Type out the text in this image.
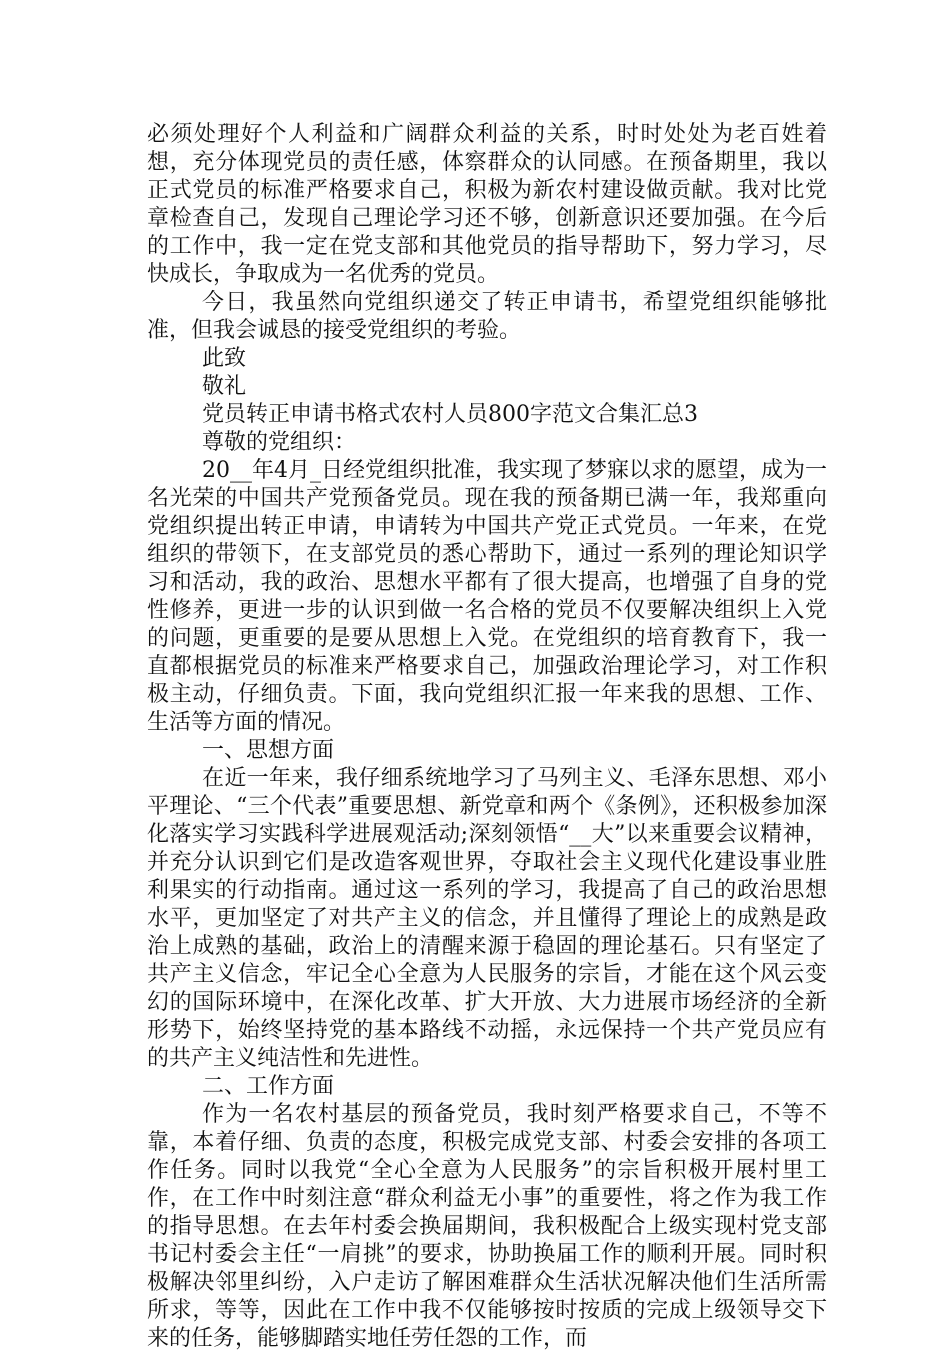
必须处理好个人利益和广阔群众利益的关系，时时处处为老百姓着想，充分体现党员的责任感，体察群众的认同感。在预备期里，我以正式党员的标准严格要求自己，积极为新农村建设做贡献。我对比党章检查自己，发现自己理论学习还不够，创新意识还要加强。在今后的工作中，我一定在党支部和其他党员的指导帮助下，努力学习，尽快成长，争取成为一名优秀的党员。

今日，我虽然向党组织递交了转正申请书，希望党组织能够批准，但我会诚恳的接受党组织的考验。

此致

敬礼

党员转正申请书格式农村人员800字范文合集汇总3

尊敬的党组织：

20__年4月_日经党组织批准，我实现了梦寐以求的愿望，成为一名光荣的中国共产党预备党员。现在我的预备期已满一年，我郑重向党组织提出转正申请，申请转为中国共产党正式党员。一年来，在党组织的带领下，在支部党员的悉心帮助下，通过一系列的理论知识学习和活动，我的政治、思想水平都有了很大提高，也增强了自身的党性修养，更进一步的认识到做一名合格的党员不仅要解决组织上入党的问题，更重要的是要从思想上入党。在党组织的培育教育下，我一直都根据党员的标准来严格要求自己，加强政治理论学习，对工作积极主动，仔细负责。下面，我向党组织汇报一年来我的思想、工作、生活等方面的情况。

一、思想方面

在近一年来，我仔细系统地学习了马列主义、毛泽东思想、邓小平理论、“三个代表”重要思想、新党章和两个《条例》，还积极参加深化落实学习实践科学进展观活动;深刻领悟“__大”以来重要会议精神，并充分认识到它们是改造客观世界，夺取社会主义现代化建设事业胜利果实的行动指南。通过这一系列的学习，我提高了自己的政治思想水平，更加坚定了对共产主义的信念，并且懂得了理论上的成熟是政治上成熟的基础，政治上的清醒来源于稳固的理论基石。只有坚定了共产主义信念，牢记全心全意为人民服务的宗旨，才能在这个风云变幻的国际环境中，在深化改革、扩大开放、大力进展市场经济的全新形势下，始终坚持党的基本路线不动摇，永远保持一个共产党员应有的共产主义纯洁性和先进性。

二、工作方面

作为一名农村基层的预备党员，我时刻严格要求自己，不等不靠，本着仔细、负责的态度，积极完成党支部、村委会安排的各项工作任务。同时以我党“全心全意为人民服务”的宗旨积极开展村里工作，在工作中时刻注意“群众利益无小事”的重要性，将之作为我工作的指导思想。在去年村委会换届期间，我积极配合上级实现村党支部书记村委会主任“一肩挑”的要求，协助换届工作的顺利开展。同时积极解决邻里纠纷，入户走访了解困难群众生活状况解决他们生活所需所求，等等，因此在工作中我不仅能够按时按质的完成上级领导交下来的任务，能够脚踏实地任劳任怨的工作，而
